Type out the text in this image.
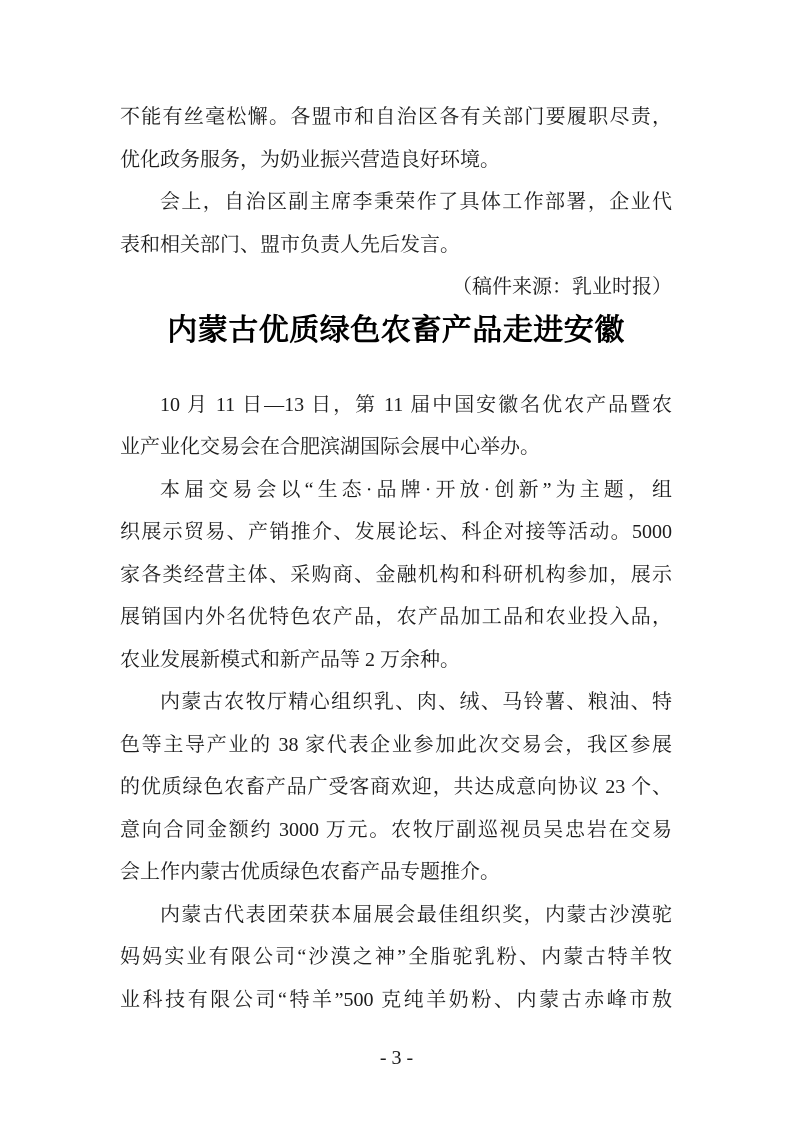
不能有丝毫松懈。各盟市和自治区各有关部门要履职尽责，

优化政务服务，为奶业振兴营造良好环境。

会上，自治区副主席李秉荣作了具体工作部署，企业代

表和相关部门、盟市负责人先后发言。

（稿件来源：乳业时报）

内蒙古优质绿色农畜产品走进安徽

10 月 11 日—13 日，第 11 届中国安徽名优农产品暨农

业产业化交易会在合肥滨湖国际会展中心举办。

本届交易会以“生态·品牌·开放·创新”为主题，组

织展示贸易、产销推介、发展论坛、科企对接等活动。5000

家各类经营主体、采购商、金融机构和科研机构参加，展示

展销国内外名优特色农产品，农产品加工品和农业投入品，

农业发展新模式和新产品等 2 万余种。

内蒙古农牧厅精心组织乳、肉、绒、马铃薯、粮油、特

色等主导产业的 38 家代表企业参加此次交易会，我区参展

的优质绿色农畜产品广受客商欢迎，共达成意向协议 23 个、

意向合同金额约 3000 万元。农牧厅副巡视员吴忠岩在交易

会上作内蒙古优质绿色农畜产品专题推介。

内蒙古代表团荣获本届展会最佳组织奖，内蒙古沙漠驼

妈妈实业有限公司“沙漠之神”全脂驼乳粉、内蒙古特羊牧

业科技有限公司“特羊”500 克纯羊奶粉、内蒙古赤峰市敖

- 3 -
